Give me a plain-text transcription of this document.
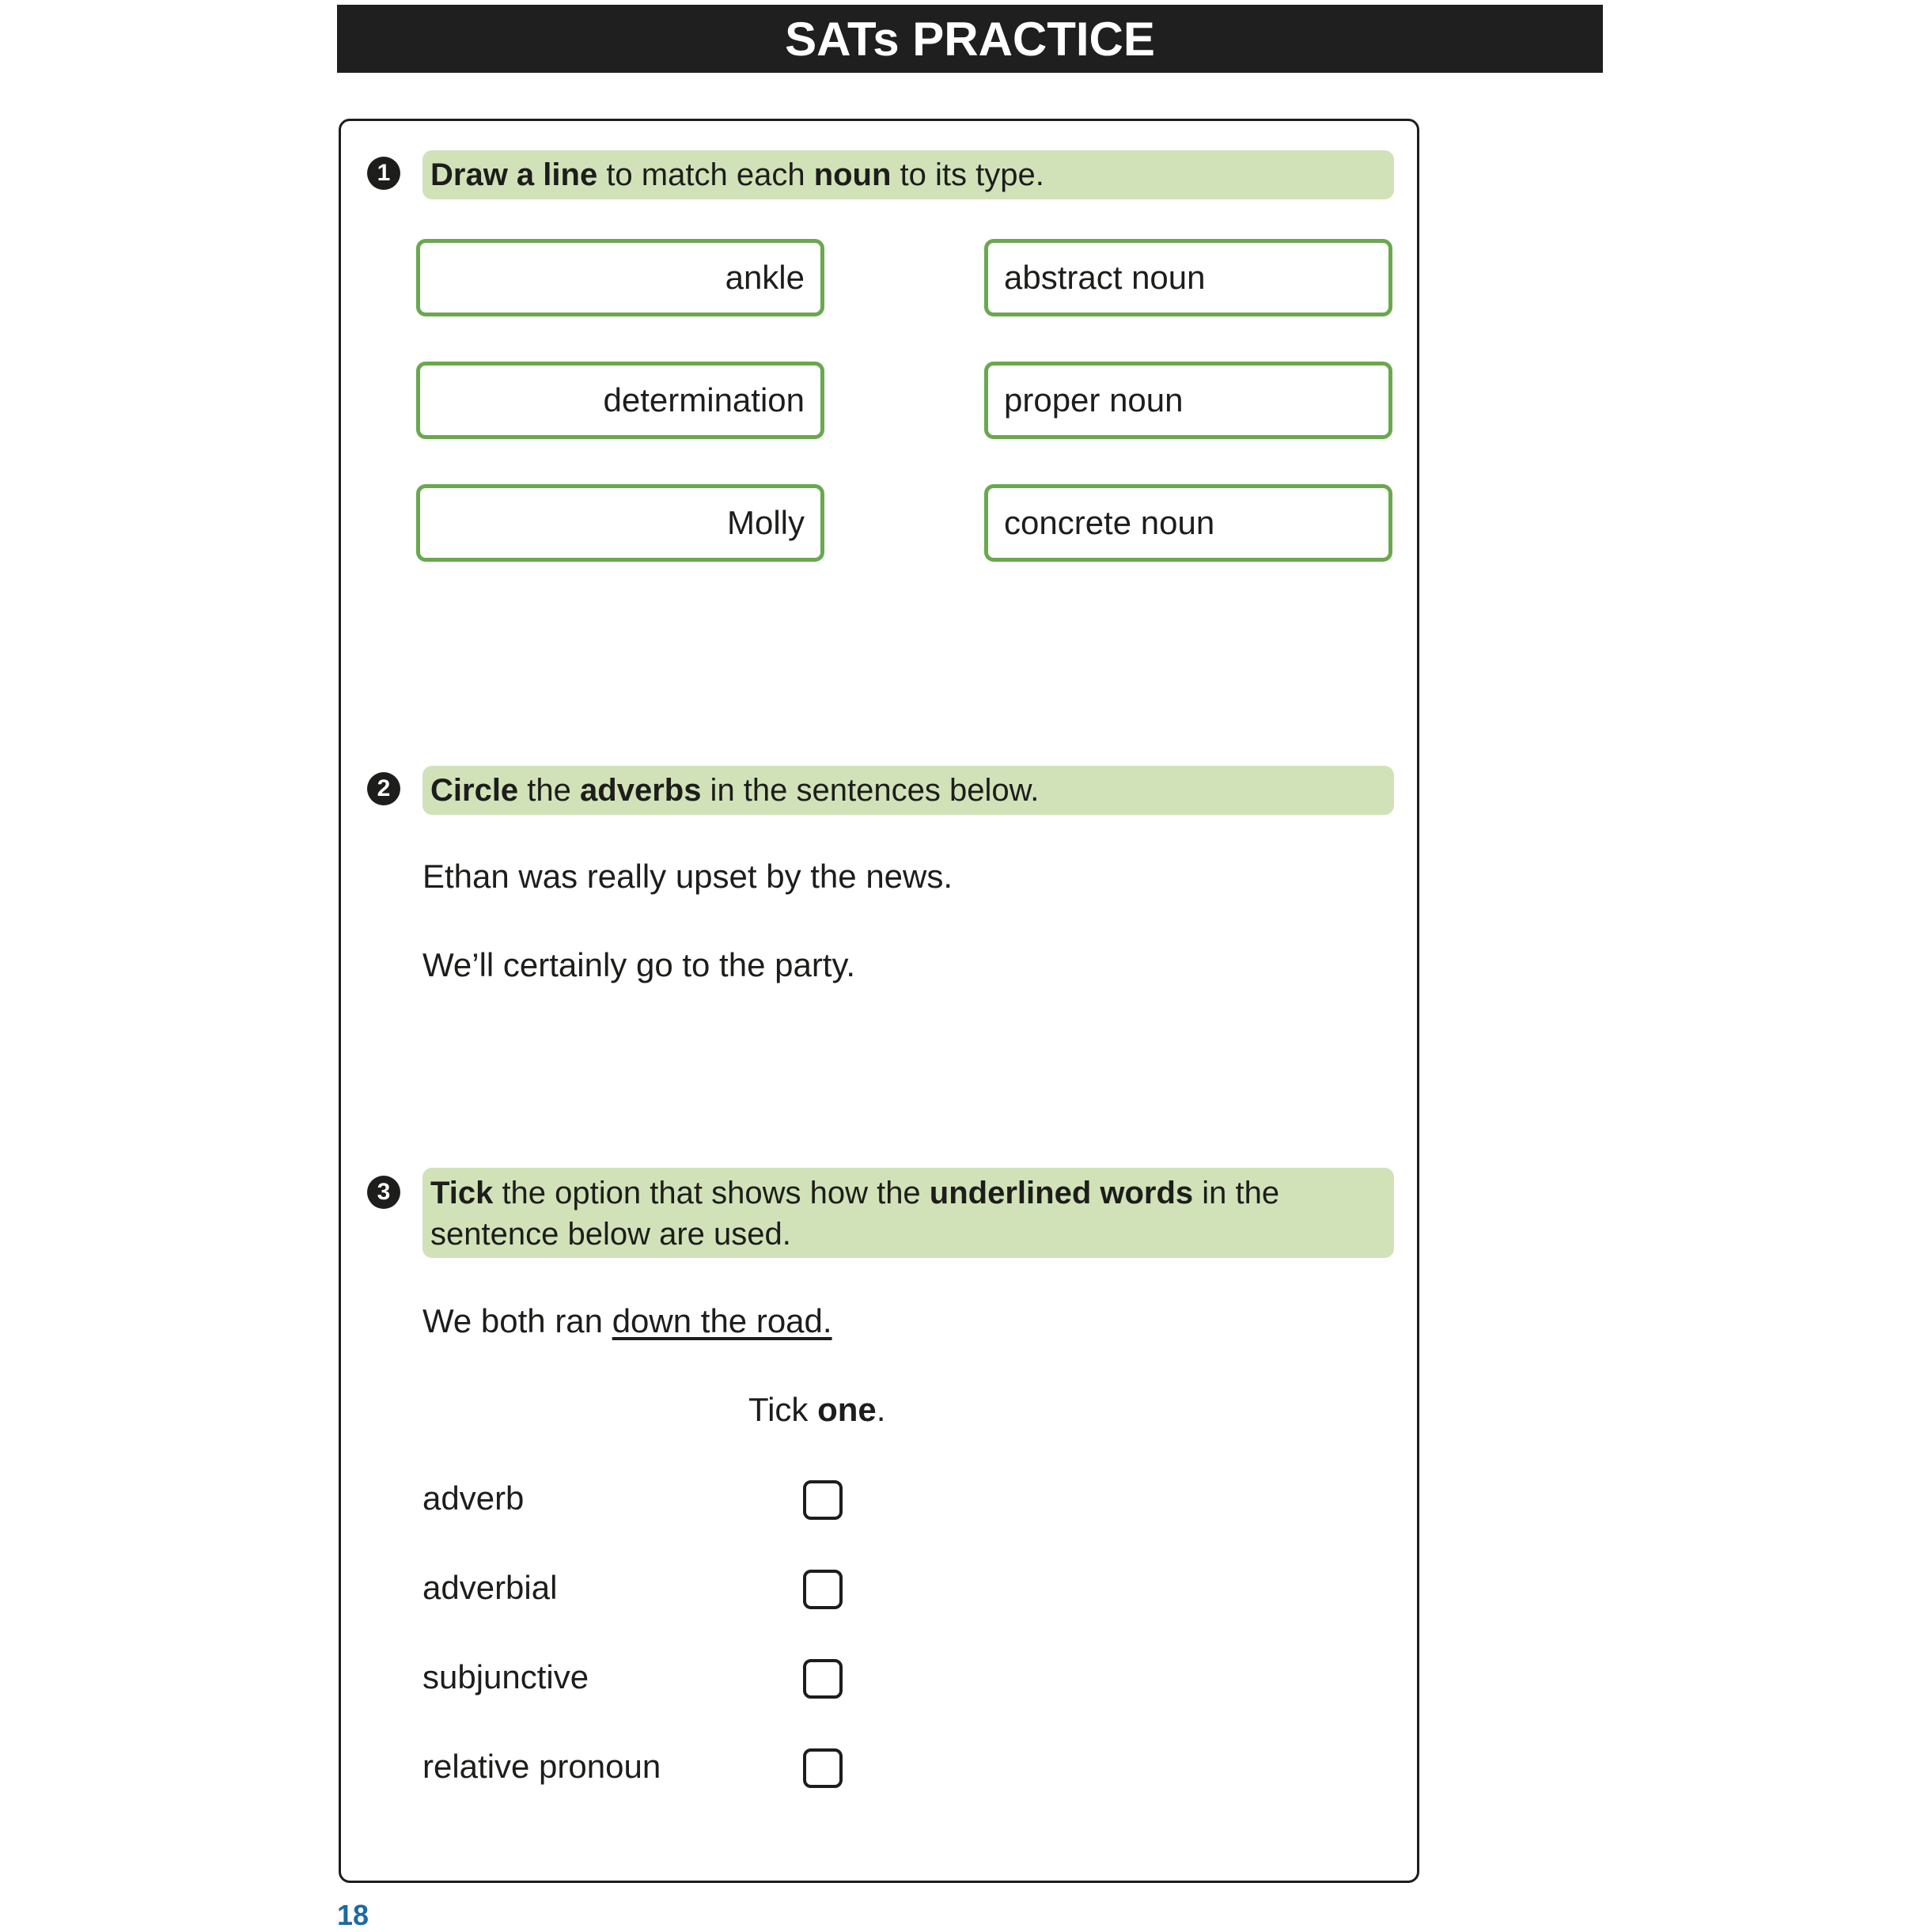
SATs PRACTICE
1 Draw a line to match each noun to its type.
ankle
determination
Molly
abstract noun
proper noun
concrete noun
2 Circle the adverbs in the sentences below.
Ethan was really upset by the news.
We’ll certainly go to the party.
3 Tick the option that shows how the underlined words in the sentence below are used.
We both ran down the road.
Tick one.
adverb
adverbial
subjunctive
relative pronoun
18
